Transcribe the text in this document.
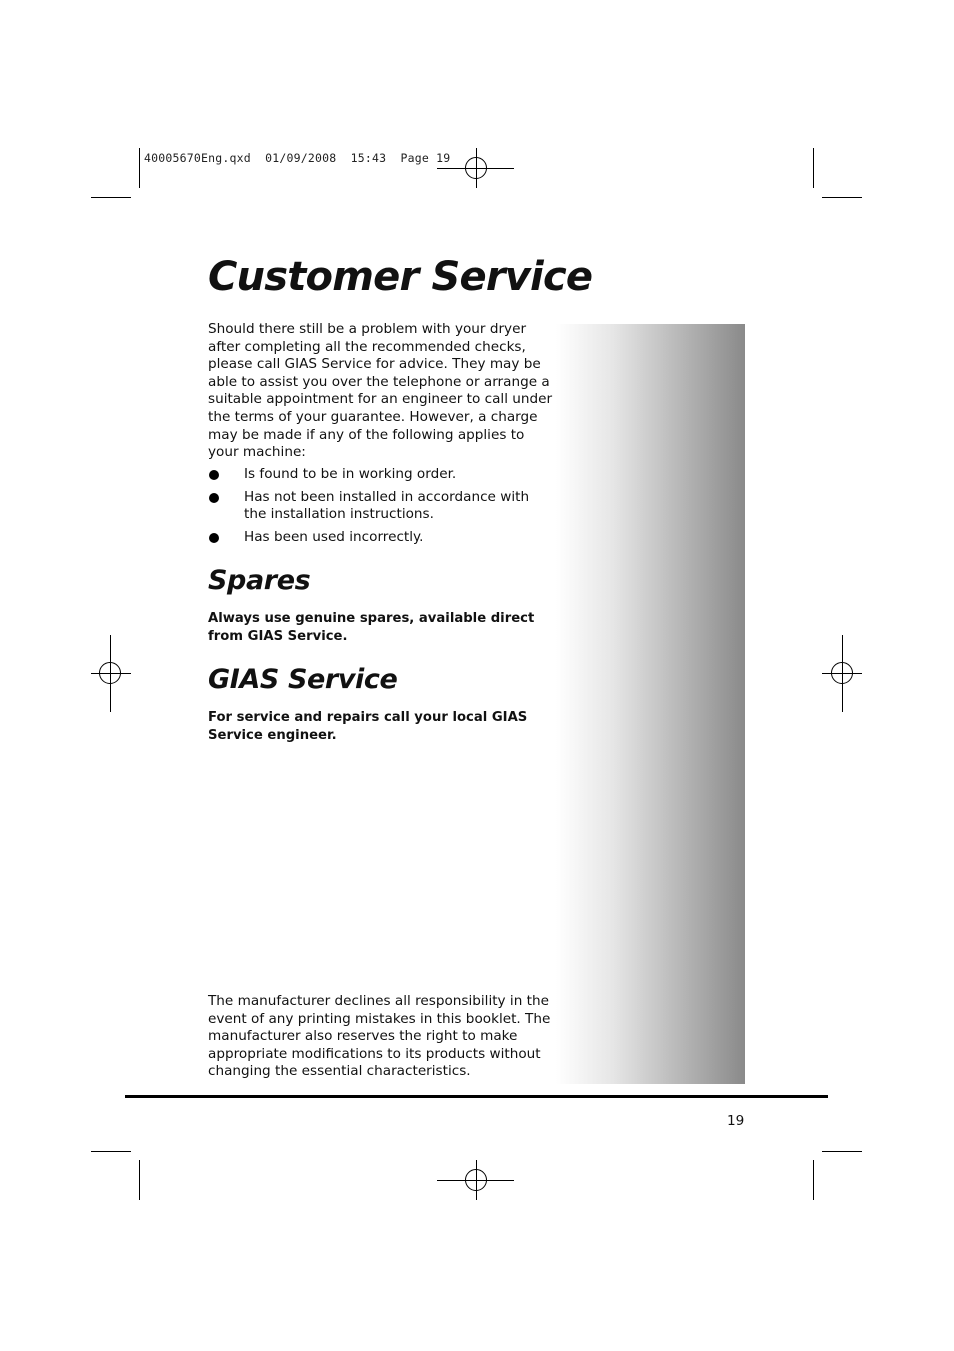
40005670Eng.qxd  01/09/2008  15:43  Page 19
Customer Service

Should there still be a problem with your dryer after completing all the recommended checks, please call GIAS Service for advice. They may be able to assist you over the telephone or arrange a suitable appointment for an engineer to call under the terms of your guarantee. However, a charge may be made if any of the following applies to your machine:

Is found to be in working order.
Has not been installed in accordance with the installation instructions.
Has been used incorrectly.
Spares

Always use genuine spares, available direct from GIAS Service.

GIAS Service

For service and repairs call your local GIAS Service engineer.

The manufacturer declines all responsibility in the event of any printing mistakes in this booklet. The manufacturer also reserves the right to make appropriate modifications to its products without changing the essential characteristics.

19
